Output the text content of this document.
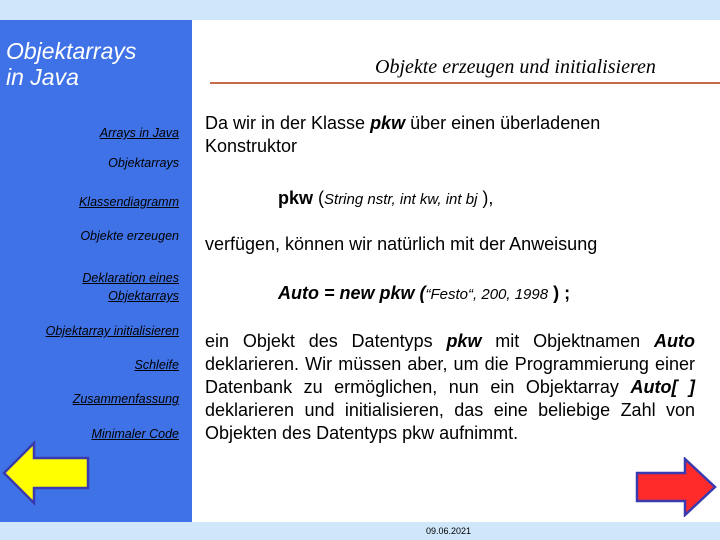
Objektarrays
in Java
Arrays in Java
Objektarrays
Klassendiagramm
Objekte erzeugen
Deklaration eines
Objektarrays
Objektarray initialisieren
Schleife
Zusammenfassung
Minimaler Code
Objekte erzeugen und initialisieren
Da wir in der Klasse pkw über einen überladenen Konstruktor
pkw (String nstr, int kw, int bj ),
verfügen, können wir natürlich mit der Anweisung
Auto = new pkw (“Festo“, 200, 1998 ) ;
ein Objekt des Datentyps pkw mit Objektnamen Auto deklarieren. Wir müssen aber, um die Programmierung einer Datenbank zu ermöglichen, nun ein Objektarray Auto[ ] deklarieren und initialisieren, das eine beliebige Zahl von Objekten des Datentyps pkw aufnimmt.
09.06.2021
